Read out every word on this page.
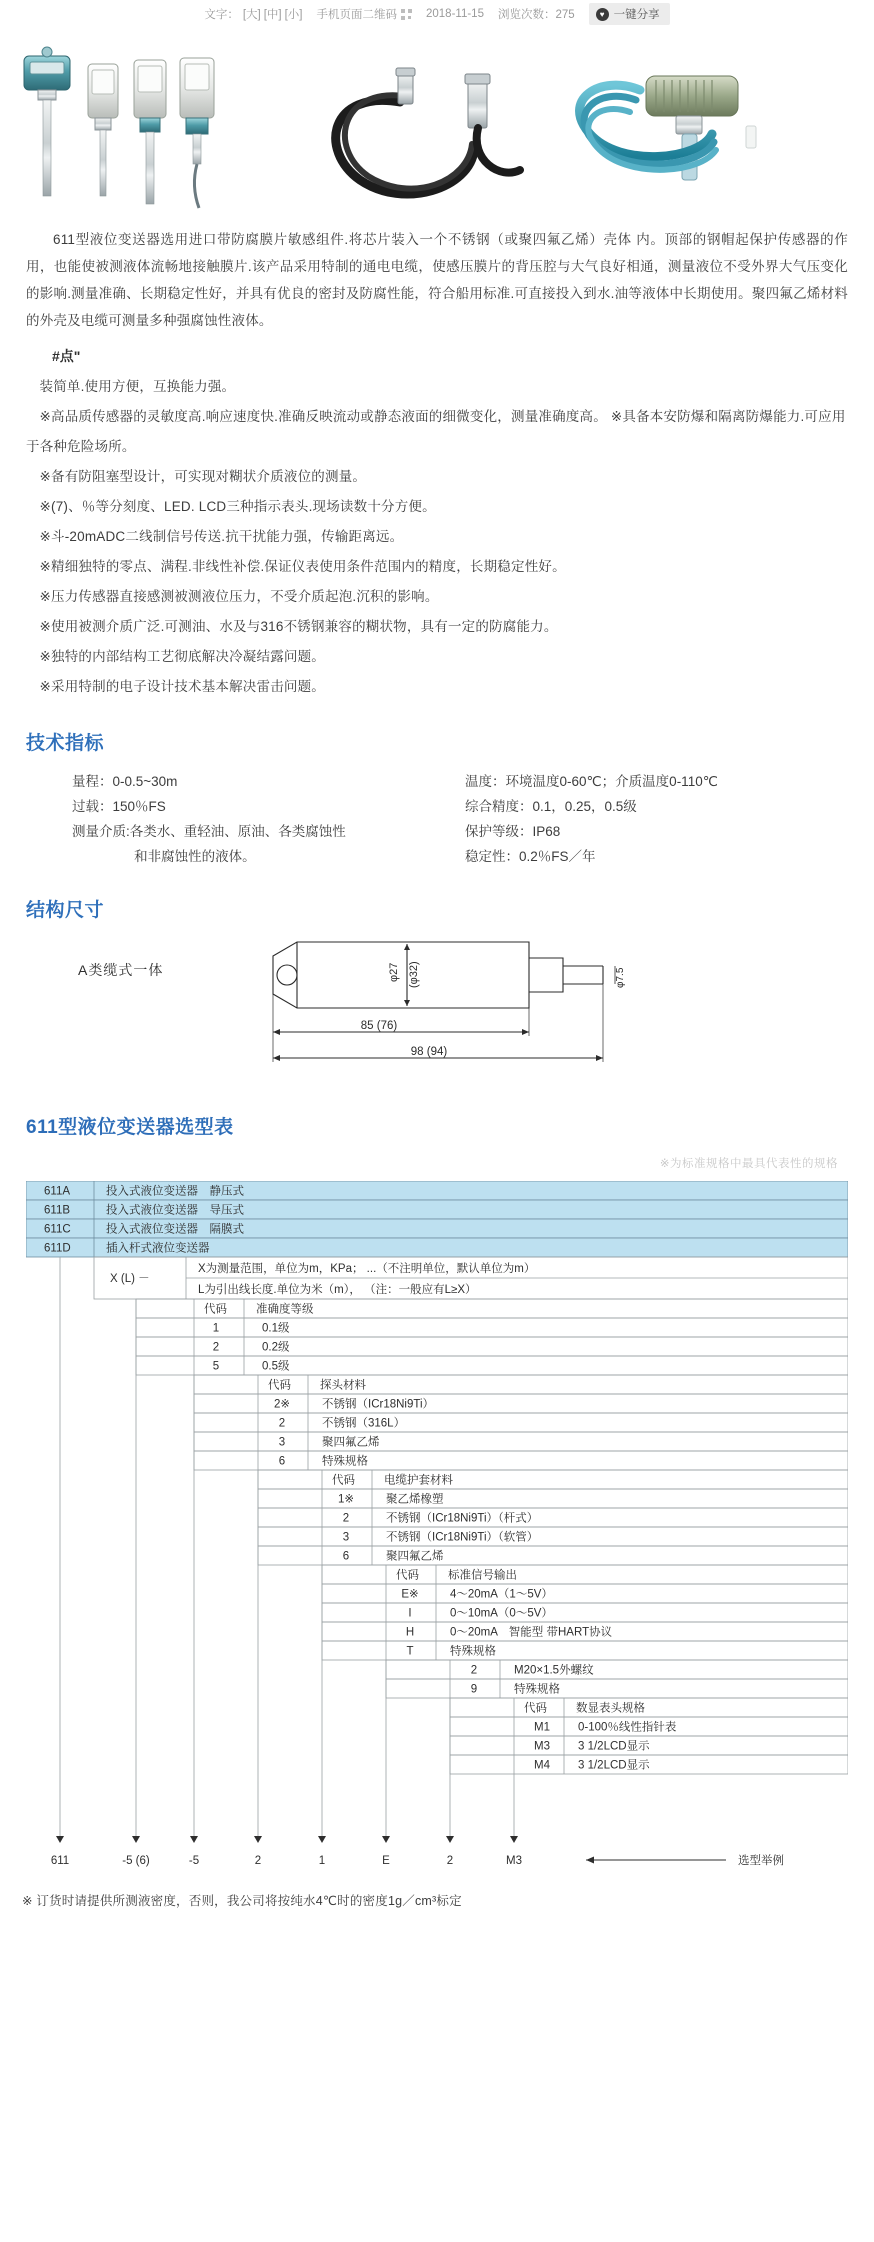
文字： [大] [中] [小] 手机页面二维码	2018-11-15 浏览次数：275	♥ 一键分享

611型液位变送器选用进口带防腐膜片敏感组件.将芯片装入一个不锈钢（或聚四氟乙烯）壳体 内。顶部的钢帽起保护传感器的作用，也能使被测液体流畅地接触膜片.该产品采用特制的通电电缆，使感压膜片的背压腔与大气良好相通，测量液位不受外界大气压变化的影响.测量准确、长期稳定性好，并具有优良的密封及防腐性能，符合船用标准.可直接投入到水.油等液体中长期使用。聚四氟乙烯材料的外壳及电缆可测量多种强腐蚀性液体。

#点"

装简单.使用方便，互换能力强。

※高品质传感器的灵敏度高.响应速度快.准确反映流动或静态液面的细微变化，测量准确度高。 ※具备本安防爆和隔离防爆能力.可应用于各种危险场所。

※备有防阻塞型设计，可实现对糊状介质液位的测量。

※(7)、％等分刻度、LED. LCD三种指示表头.现场读数十分方便。

※斗-20mADC二线制信号传送.抗干扰能力强，传输距离远。

※精细独特的零点、满程.非线性补偿.保证仪表使用条件范围内的精度，长期稳定性好。

※压力传感器直接感测被测液位压力，不受介质起泡.沉积的影响。

※使用被测介质广泛.可测油、水及与316不锈钢兼容的糊状物，具有一定的防腐能力。

※独特的内部结构工艺彻底解决冷凝结露问题。

※采用特制的电子设计技术基本解决雷击问题。

技术指标
量程：0-0.5~30m
过载：150％FS
测量介质:各类水、重轻油、原油、各类腐蚀性
和非腐蚀性的液体。
温度：环境温度0-60℃；介质温度0-110℃
综合精度：0.1，0.25，0.5级
保护等级：IP68
稳定性：0.2％FS／年
结构尺寸
A类缆式一体	φ27 (φ32)	φ7.5
85 (76)
98 (94)
611型液位变送器选型表
※为标准规格中最具代表性的规格
611A	投入式液位变送器　静压式
611B	投入式液位变送器　导压式
611C	投入式液位变送器　隔膜式
611D	插入杆式液位变送器
X (L) －
X为测量范围，单位为m，KPa； ...（不注明单位，默认单位为m）
L为引出线长度.单位为米（m）， （注：一般应有L≥X）
代码	准确度等级
1	0.1级
2	0.2级
5	0.5级
代码	探头材料
2※	不锈钢（ICr18Ni9Ti）
2	不锈钢（316L）
3	聚四氟乙烯
6	特殊规格
代码	电缆护套材料
1※	聚乙烯橡塑
2	不锈钢（ICr18Ni9Ti）（杆式）
3	不锈钢（ICr18Ni9Ti）（软管）
6	聚四氟乙烯
代码	标准信号输出
E※	4～20mA（1～5V）
I	0～10mA（0～5V）
H	0～20mA　智能型 带HART协议
T	特殊规格
2	M20×1.5外螺纹
9	特殊规格
代码	数显表头规格
M1 0-100％线性指针表
M3 3 1/2LCD显示
M4 3 1/2LCD显示
611	-5 (6)	-5	2	1	E	2	M3	选型举例
※ 订货时请提供所测液密度，否则，我公司将按纯水4℃时的密度1g／cm³标定
